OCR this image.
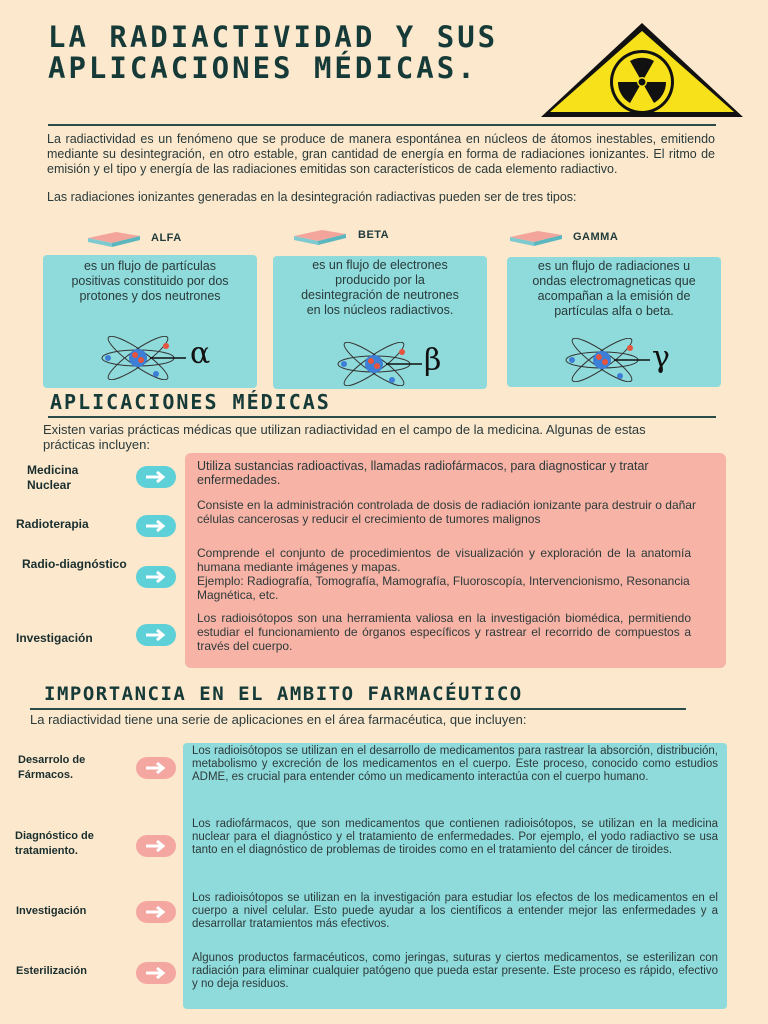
LA RADIACTIVIDAD Y SUS APLICACIONES MÉDICAS.
La radiactividad es un fenómeno que se produce de manera espontánea en núcleos de átomos inestables, emitiendo mediante su desintegración, en otro estable, gran cantidad de energía en forma de radiaciones ionizantes. El ritmo de emisión y el tipo y energía de las radiaciones emitidas son característicos de cada elemento radiactivo.
Las radiaciones ionizantes generadas en la desintegración radiactivas pueden ser de tres tipos:
ALFA	BETA	GAMMA
es un flujo de partículas positivas constituido por dos protones y dos neutrones
es un flujo de electrones producido por la desintegración de neutrones en los núcleos radiactivos.
es un flujo de radiaciones u ondas electromagneticas que acompañan a la emisión de partículas alfa o beta.
α	β	γ
APLICACIONES MÉDICAS
Existen varias prácticas médicas que utilizan radiactividad en el campo de la medicina. Algunas de estas prácticas incluyen:
Medicina Nuclear
Utiliza sustancias radioactivas, llamadas radiofármacos, para diagnosticar y tratar enfermedades.
Radioterapia
Consiste en la administración controlada de dosis de radiación ionizante para destruir o dañar células cancerosas y reducir el crecimiento de tumores malignos
Radio-diagnóstico
Comprende el conjunto de procedimientos de visualización y exploración de la anatomía humana mediante imágenes y mapas.
Ejemplo: Radiografía, Tomografía, Mamografía, Fluoroscopía, Intervencionismo, Resonancia Magnética, etc.
Investigación
Los radioisótopos son una herramienta valiosa en la investigación biomédica, permitiendo estudiar el funcionamiento de órganos específicos y rastrear el recorrido de compuestos a través del cuerpo.
IMPORTANCIA EN EL AMBITO FARMACÉUTICO
La radiactividad tiene una serie de aplicaciones en el área farmacéutica, que incluyen:
Desarrolo de Fármacos.
Los radioisótopos se utilizan en el desarrollo de medicamentos para rastrear la absorción, distribución, metabolismo y excreción de los medicamentos en el cuerpo. Este proceso, conocido como estudios ADME, es crucial para entender cómo un medicamento interactúa con el cuerpo humano.
Diagnóstico de tratamiento.
Los radiofármacos, que son medicamentos que contienen radioisótopos, se utilizan en la medicina nuclear para el diagnóstico y el tratamiento de enfermedades. Por ejemplo, el yodo radiactivo se usa tanto en el diagnóstico de problemas de tiroides como en el tratamiento del cáncer de tiroides.
Investigación
Los radioisótopos se utilizan en la investigación para estudiar los efectos de los medicamentos en el cuerpo a nivel celular. Esto puede ayudar a los científicos a entender mejor las enfermedades y a desarrollar tratamientos más efectivos.
Esterilización
Algunos productos farmacéuticos, como jeringas, suturas y ciertos medicamentos, se esterilizan con radiación para eliminar cualquier patógeno que pueda estar presente. Este proceso es rápido, efectivo y no deja residuos.
